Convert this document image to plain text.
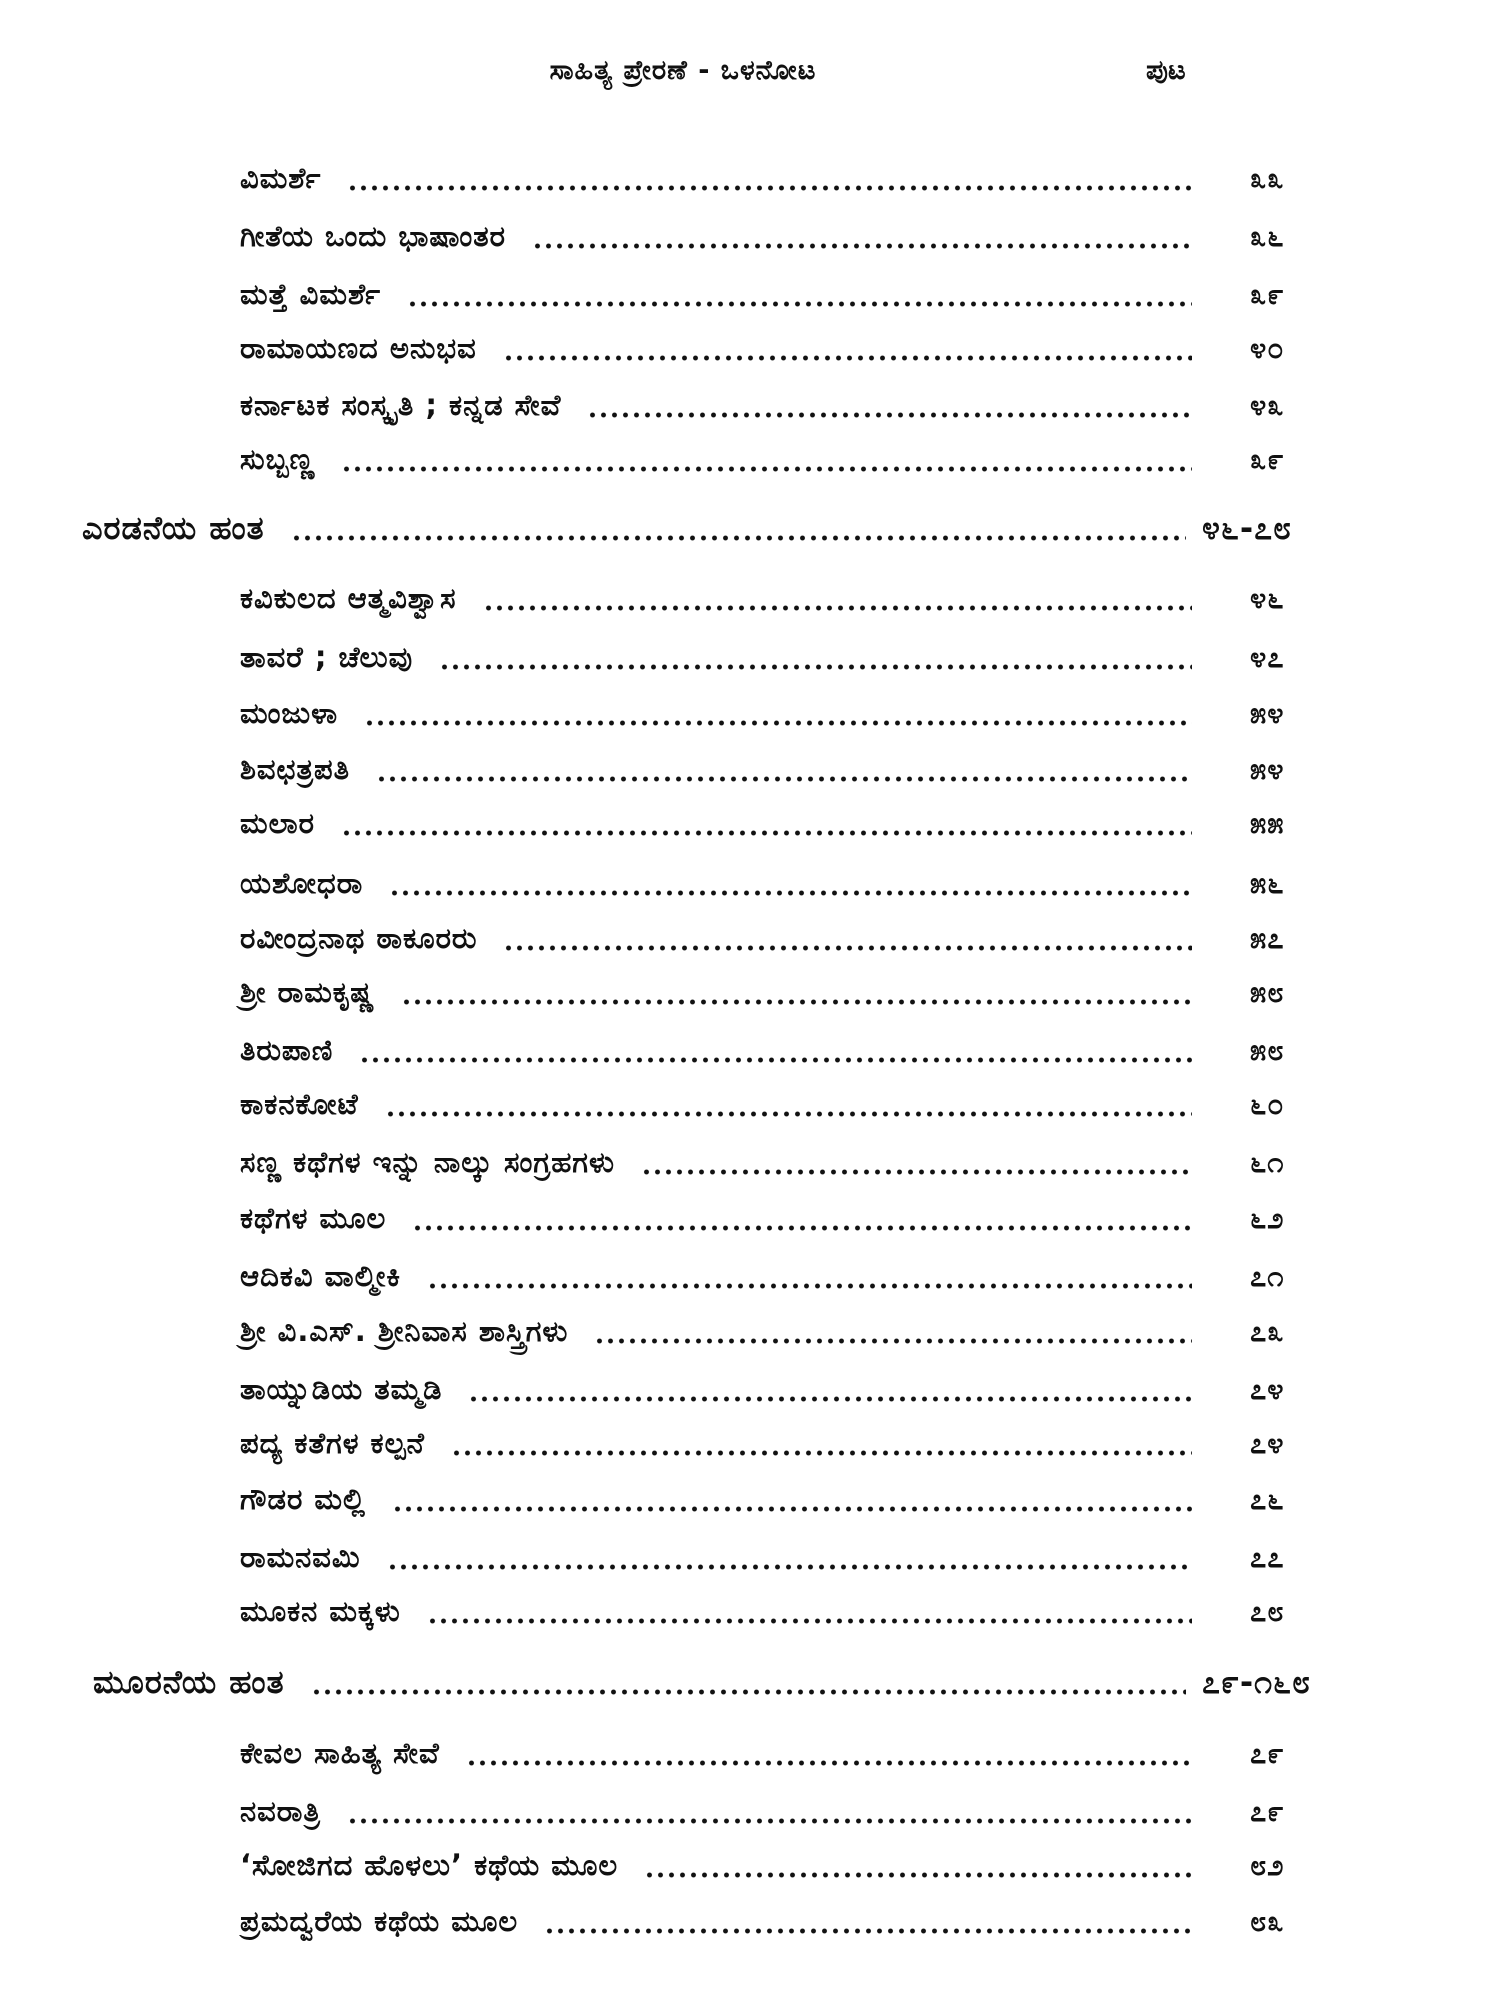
ಸಾಹಿತ್ಯ ಪ್ರೇರಣೆ - ಒಳನೋಟ	ಪುಟ
ವಿಮರ್ಶೆ	೩೩
ಗೀತೆಯ ಒಂದು ಭಾಷಾಂತರ	೩೬
ಮತ್ತೆ ವಿಮರ್ಶೆ	೩೯
ರಾಮಾಯಣದ ಅನುಭವ	೪೦
ಕರ್ನಾಟಕ ಸಂಸ್ಕೃತಿ ; ಕನ್ನಡ ಸೇವೆ	೪೩
ಸುಬ್ಬಣ್ಣ	೩೯
ಎರಡನೆಯ ಹಂತ	೪೬-೭೮
ಕವಿಕುಲದ ಆತ್ಮವಿಶ್ವಾಸ	೪೬
ತಾವರೆ ; ಚೆಲುವು	೪೭
ಮಂಜುಳಾ	೫೪
ಶಿವಛತ್ರಪತಿ	೫೪
ಮಲಾರ	೫೫
ಯಶೋಧರಾ	೫೬
ರವೀಂದ್ರನಾಥ ಠಾಕೂರರು	೫೭
ಶ್ರೀ ರಾಮಕೃಷ್ಣ	೫೮
ತಿರುಪಾಣಿ	೫೮
ಕಾಕನಕೋಟೆ	೬೦
ಸಣ್ಣ ಕಥೆಗಳ ಇನ್ನು ನಾಲ್ಕು ಸಂಗ್ರಹಗಳು	೬೧
ಕಥೆಗಳ ಮೂಲ	೬೨
ಆದಿಕವಿ ವಾಲ್ಮೀಕಿ	೭೧
ಶ್ರೀ ವಿ.ಎಸ್. ಶ್ರೀನಿವಾಸ ಶಾಸ್ತ್ರಿಗಳು	೭೩
ತಾಯ್ನುಡಿಯ ತಮ್ಮಡಿ	೭೪
ಪದ್ಯ ಕತೆಗಳ ಕಲ್ಪನೆ	೭೪
ಗೌಡರ ಮಲ್ಲಿ	೭೬
ರಾಮನವಮಿ	೭೭
ಮೂಕನ ಮಕ್ಕಳು	೭೮
ಮೂರನೆಯ ಹಂತ	೭೯-೧೬೮
ಕೇವಲ ಸಾಹಿತ್ಯ ಸೇವೆ	೭೯
ನವರಾತ್ರಿ	೭೯
‘ಸೋಜಿಗದ ಹೊಳಲು’ ಕಥೆಯ ಮೂಲ	೮೨
ಪ್ರಮದ್ವರೆಯ ಕಥೆಯ ಮೂಲ	೮೩
